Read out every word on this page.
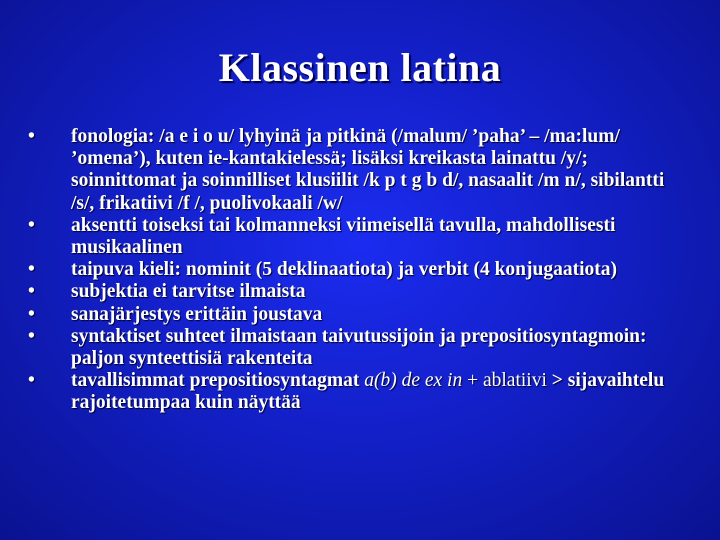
Klassinen latina
•	fonologia: /a e i o u/ lyhyinä ja pitkinä (/malum/ ’paha’ – /ma:lum/ ’omena’), kuten ie-kantakielessä; lisäksi kreikasta lainattu /y/; soinnittomat ja soinnilliset klusiilit /k p t g b d/, nasaalit /m n/, sibilantti /s/, frikatiivi /f /, puolivokaali /w/
•	aksentti toiseksi tai kolmanneksi viimeisellä tavulla, mahdollisesti musikaalinen
•	taipuva kieli: nominit (5 deklinaatiota) ja verbit (4 konjugaatiota)
•	subjektia ei tarvitse ilmaista
•	sanajärjestys erittäin joustava
•	syntaktiset suhteet ilmaistaan taivutussijoin ja prepositiosyntagmoin: paljon synteettisiä rakenteita
•	tavallisimmat prepositiosyntagmat a(b) de ex in + ablatiivi > sijavaihtelu rajoitetumpaa kuin näyttää
